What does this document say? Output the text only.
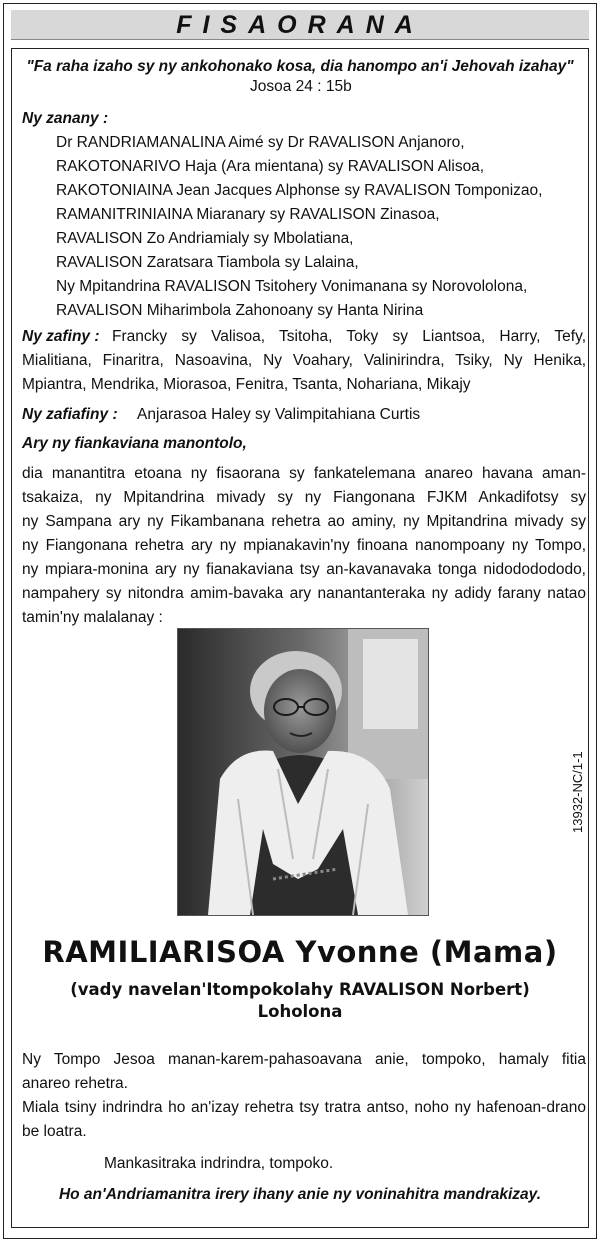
FISAORANA
"Fa raha izaho sy ny ankohonako kosa, dia hanompo an'i Jehovah izahay"
Josoa 24 : 15b
Ny zanany :
Dr RANDRIAMANALINA Aimé sy Dr RAVALISON Anjanoro,
RAKOTONARIVO Haja (Ara mientana) sy RAVALISON Alisoa,
RAKOTONIAINA Jean Jacques Alphonse sy RAVALISON Tomponizao,
RAMANITRINIAINA Miaranary sy RAVALISON Zinasoa,
RAVALISON Zo Andriamialy sy Mbolatiana,
RAVALISON Zaratsara Tiambola sy Lalaina,
Ny Mpitandrina RAVALISON Tsitohery Vonimanana sy Norovololona,
RAVALISON Miharimbola Zahonoany sy Hanta Nirina
Ny zafiny : Francky sy Valisoa, Tsitoha, Toky sy Liantsoa, Harry, Tefy,
Mialitiana, Finaritra, Nasoavina, Ny Voahary, Valinirindra, Tsiky, Ny Henika,
Mpiantra, Mendrika, Miorasoa, Fenitra, Tsanta, Nohariana, Mikajy
Ny zafiafiny : Anjarasoa Haley sy Valimpitahiana Curtis
Ary ny fiankaviana manontolo,
dia manantitra etoana ny fisaorana sy fankatelemana anareo havana aman-
tsakaiza, ny Mpitandrina mivady sy ny Fiangonana FJKM Ankadifotsy sy
ny Sampana ary ny Fikambanana rehetra ao aminy, ny Mpitandrina mivady sy
ny Fiangonana rehetra ary ny mpianakavin'ny finoana nanompoany ny Tompo,
ny mpiara-monina ary ny fianakaviana tsy an-kavanavaka tonga nidododododo,
nampahery sy nitondra amim-bavaka ary nanantanteraka ny adidy farany natao
tamin'ny malalanay :
13932-NC/1-1
RAMILIARISOA Yvonne (Mama)
(vady navelan'Itompokolahy RAVALISON Norbert)
Loholona
Ny Tompo Jesoa manan-karem-pahasoavana anie, tompoko, hamaly fitia
anareo rehetra.
Miala tsiny indrindra ho an'izay rehetra tsy tratra antso, noho ny hafenoan-drano
be loatra.
Mankasitraka indrindra, tompoko.
Ho an'Andriamanitra irery ihany anie ny voninahitra mandrakizay.
